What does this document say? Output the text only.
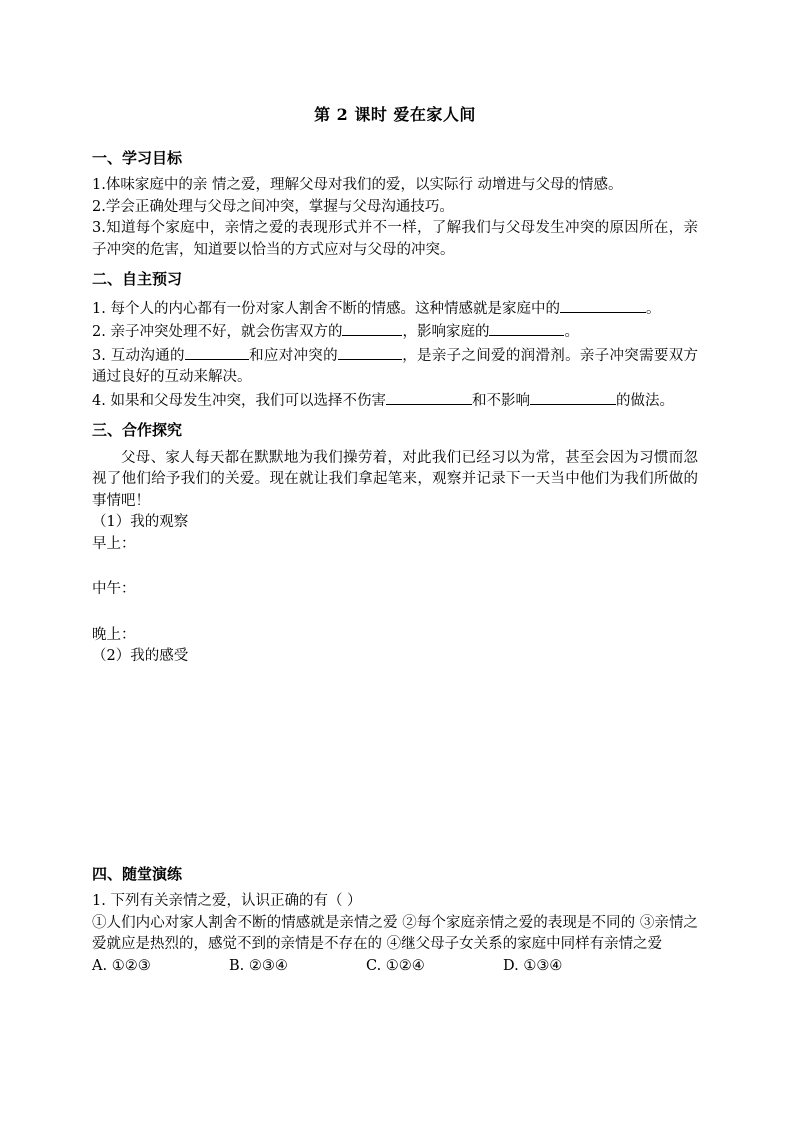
第 2 课时 爱在家人间
一、学习目标

1.体味家庭中的亲 情之爱，理解父母对我们的爱，以实际行 动增进与父母的情感。

2.学会正确处理与父母之间冲突，掌握与父母沟通技巧。

3.知道每个家庭中，亲情之爱的表现形式并不一样，了解我们与父母发生冲突的原因所在，亲子冲突的危害，知道要以恰当的方式应对与父母的冲突。

二、自主预习

1. 每个人的内心都有一份对家人割舍不断的情感。这种情感就是家庭中的	。

2. 亲子冲突处理不好，就会伤害双方的	，影响家庭的	。

3. 互动沟通的	和应对冲突的	，是亲子之间爱的润滑剂。亲子冲突需要双方通过良好的互动来解决。

4. 如果和父母发生冲突，我们可以选择不伤害	和不影响	的做法。

三、合作探究

父母、家人每天都在默默地为我们操劳着，对此我们已经习以为常，甚至会因为习惯而忽视了他们给予我们的关爱。现在就让我们拿起笔来，观察并记录下一天当中他们为我们所做的事情吧！

（1）我的观察

早上：

中午：

晚上：

（2）我的感受

四、随堂演练

1. 下列有关亲情之爱，认识正确的有（ ）

①人们内心对家人割舍不断的情感就是亲情之爱 ②每个家庭亲情之爱的表现是不同的 ③亲情之爱就应是热烈的，感觉不到的亲情是不存在的 ④继父母子女关系的家庭中同样有亲情之爱

A. ①②③	B. ②③④	C. ①②④	D. ①③④
